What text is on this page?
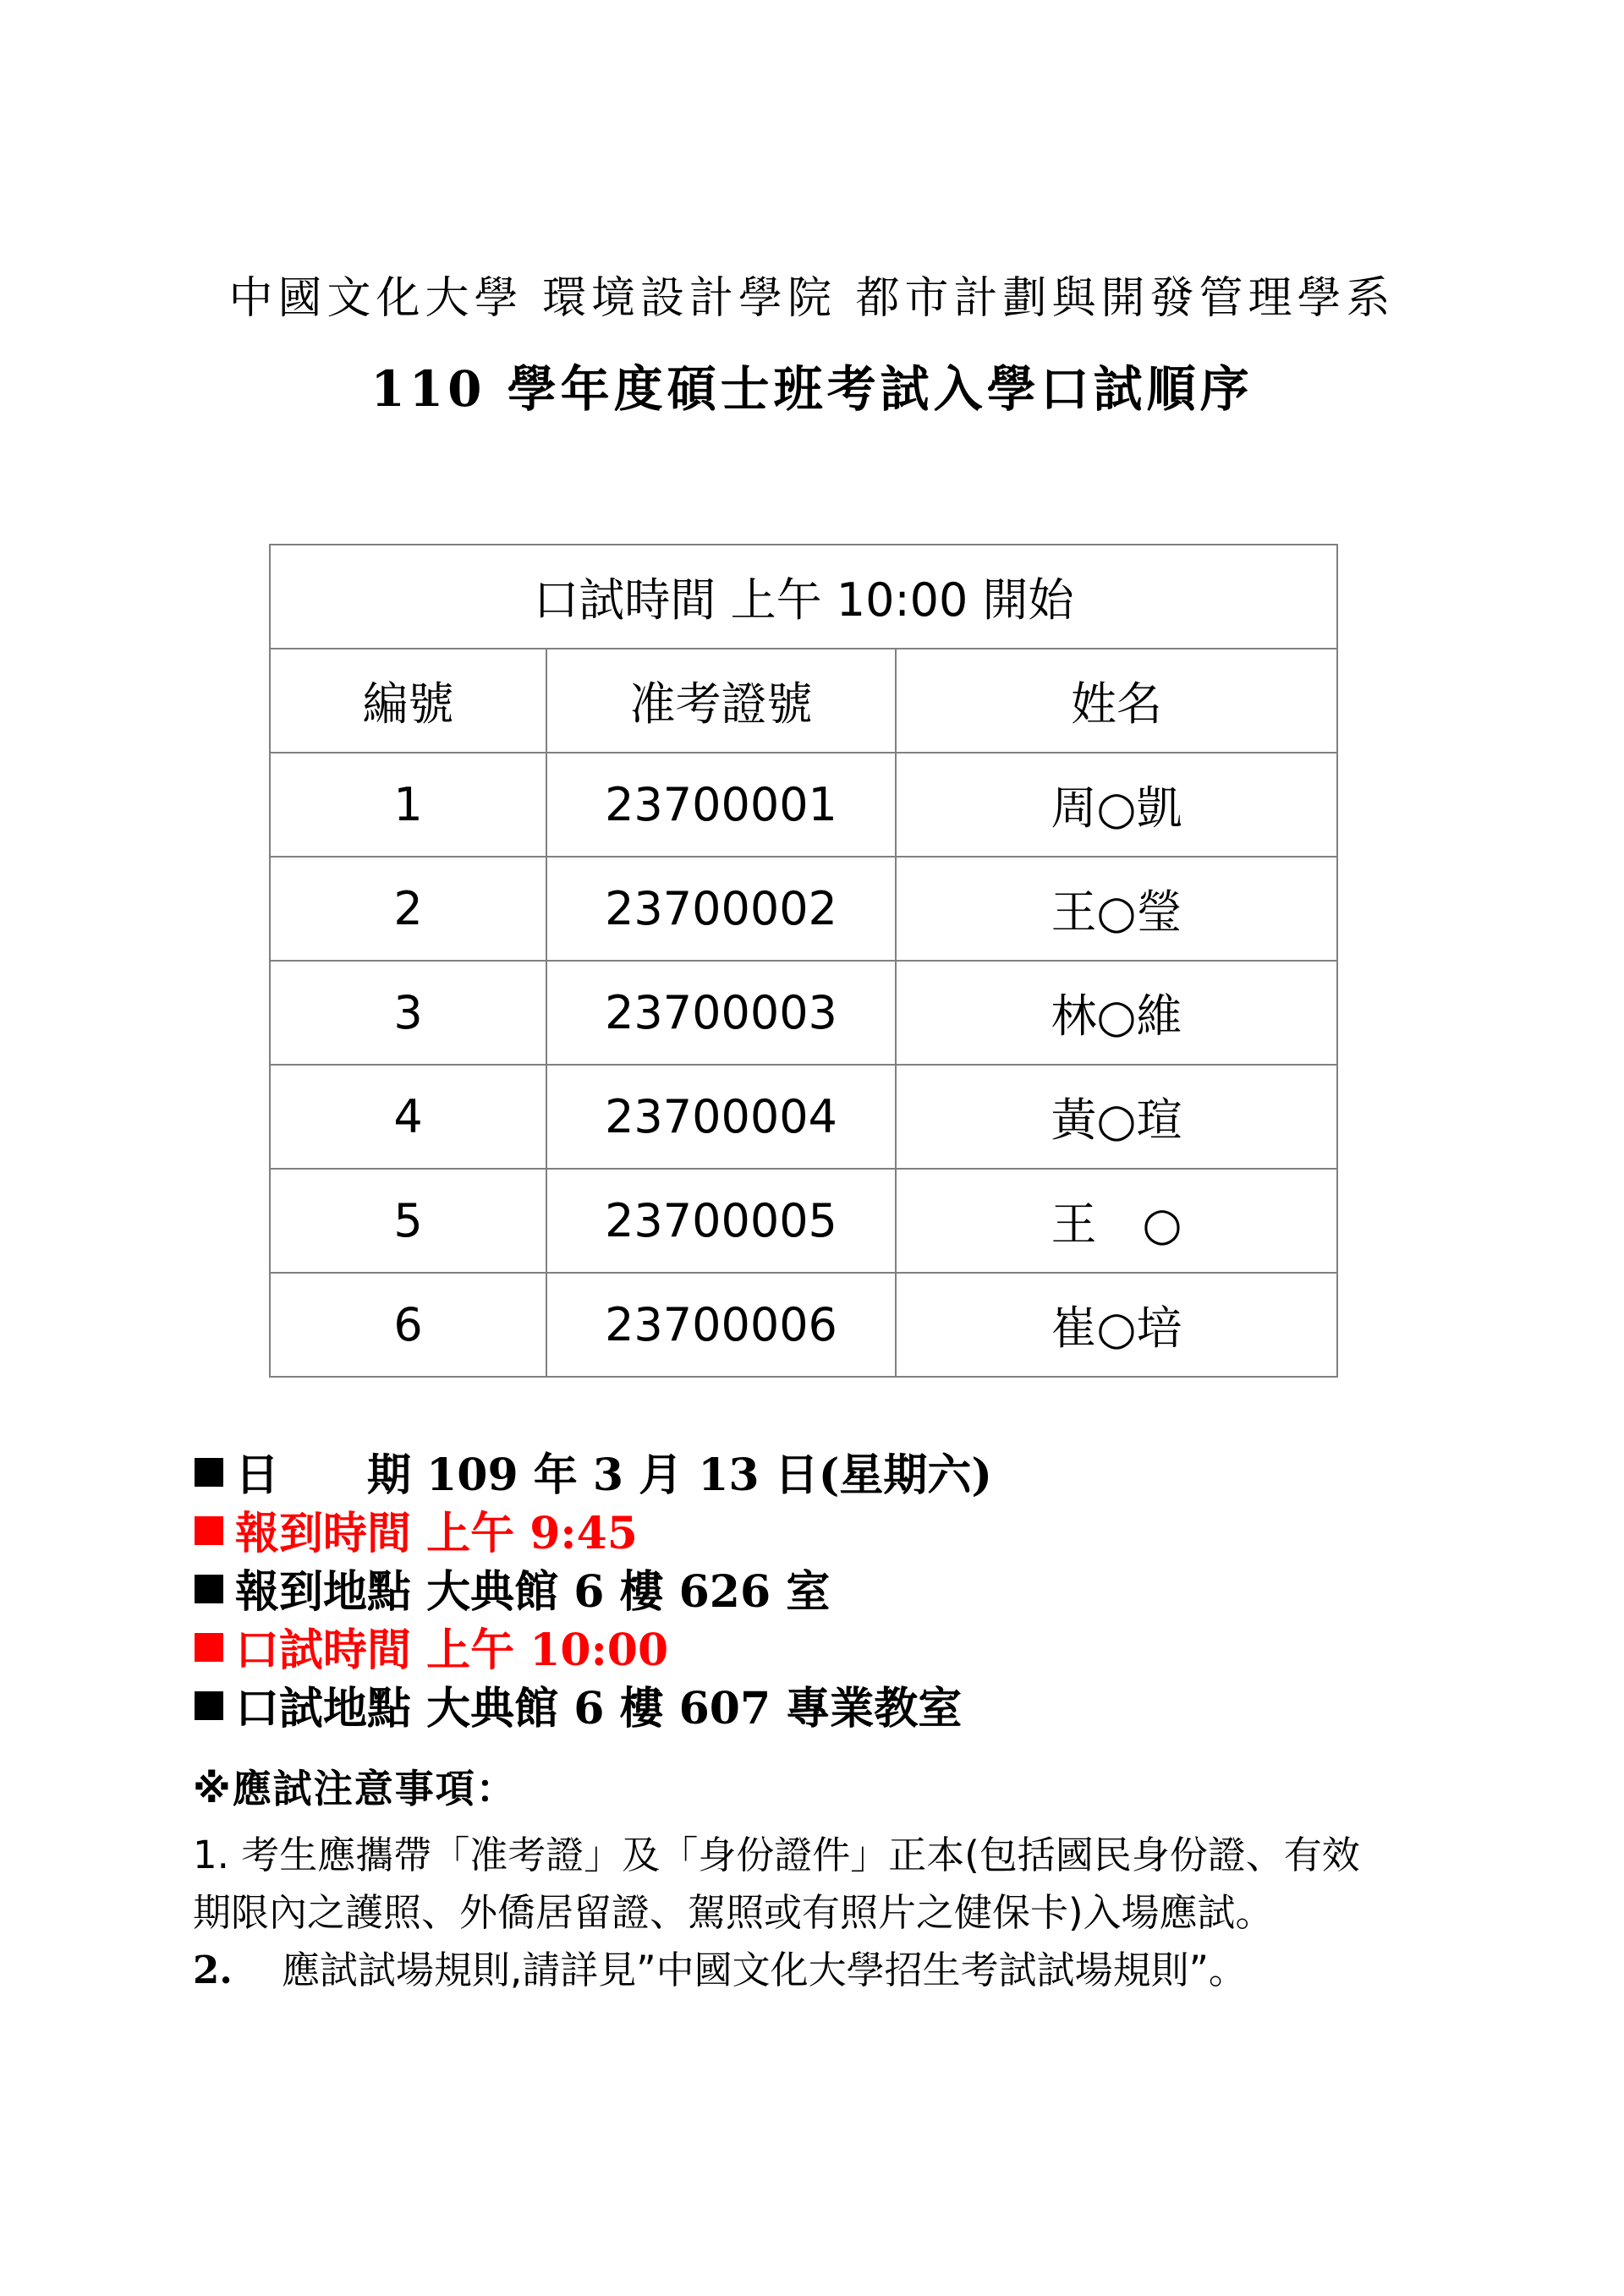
中國文化大學 環境設計學院 都市計劃與開發管理學系
110 學年度碩士班考試入學口試順序
口試時間 上午 10:00 開始		
編號	准考證號	姓名
1	23700001	周○凱
2	23700002	王○瑩
3	23700003	林○維
4	23700004	黃○瑄
5	23700005	王　○
6	23700006	崔○培
日　　期 109 年 3 月 13 日(星期六)
報到時間 上午 9:45
報到地點 大典館 6 樓 626 室
口試時間 上午 10:00
口試地點 大典館 6 樓 607 專業教室
※應試注意事項：
1. 考生應攜帶「准考證」及「身份證件」正本(包括國民身份證、有效
期限內之護照、外僑居留證、駕照或有照片之健保卡)入場應試。
2. 應試試場規則,請詳見”中國文化大學招生考試試場規則”。
